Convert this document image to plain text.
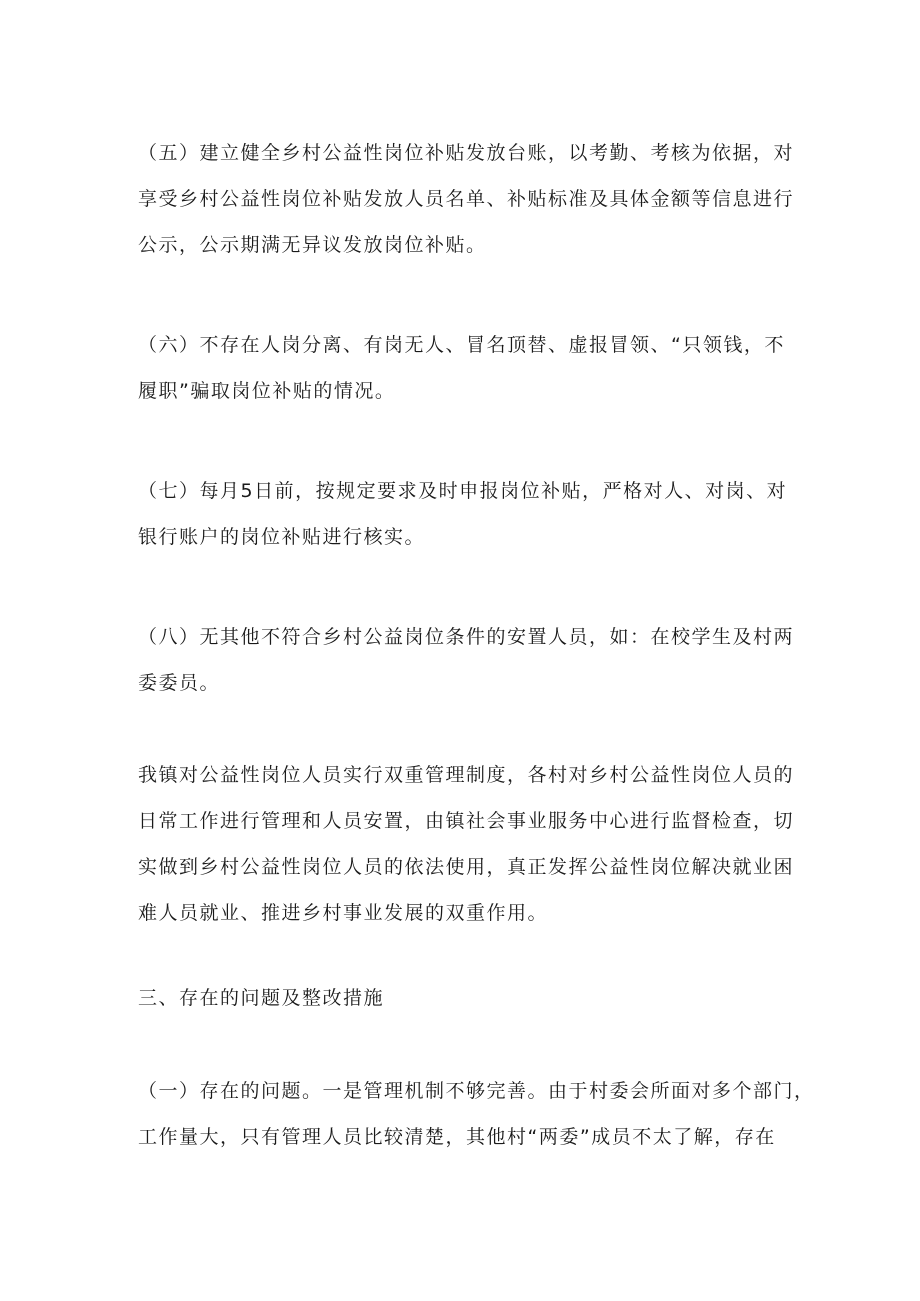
（五）建立健全乡村公益性岗位补贴发放台账，以考勤、考核为依据，对
享受乡村公益性岗位补贴发放人员名单、补贴标准及具体金额等信息进行
公示，公示期满无异议发放岗位补贴。
（六）不存在人岗分离、有岗无人、冒名顶替、虚报冒领、“只领钱，不
履职”骗取岗位补贴的情况。
（七）每月5日前，按规定要求及时申报岗位补贴，严格对人、对岗、对
银行账户的岗位补贴进行核实。
（八）无其他不符合乡村公益岗位条件的安置人员，如：在校学生及村两
委委员。
我镇对公益性岗位人员实行双重管理制度，各村对乡村公益性岗位人员的
日常工作进行管理和人员安置，由镇社会事业服务中心进行监督检查，切
实做到乡村公益性岗位人员的依法使用，真正发挥公益性岗位解决就业困
难人员就业、推进乡村事业发展的双重作用。
三、存在的问题及整改措施
（一）存在的问题。一是管理机制不够完善。由于村委会所面对多个部门，
工作量大，只有管理人员比较清楚，其他村“两委”成员不太了解，存在
